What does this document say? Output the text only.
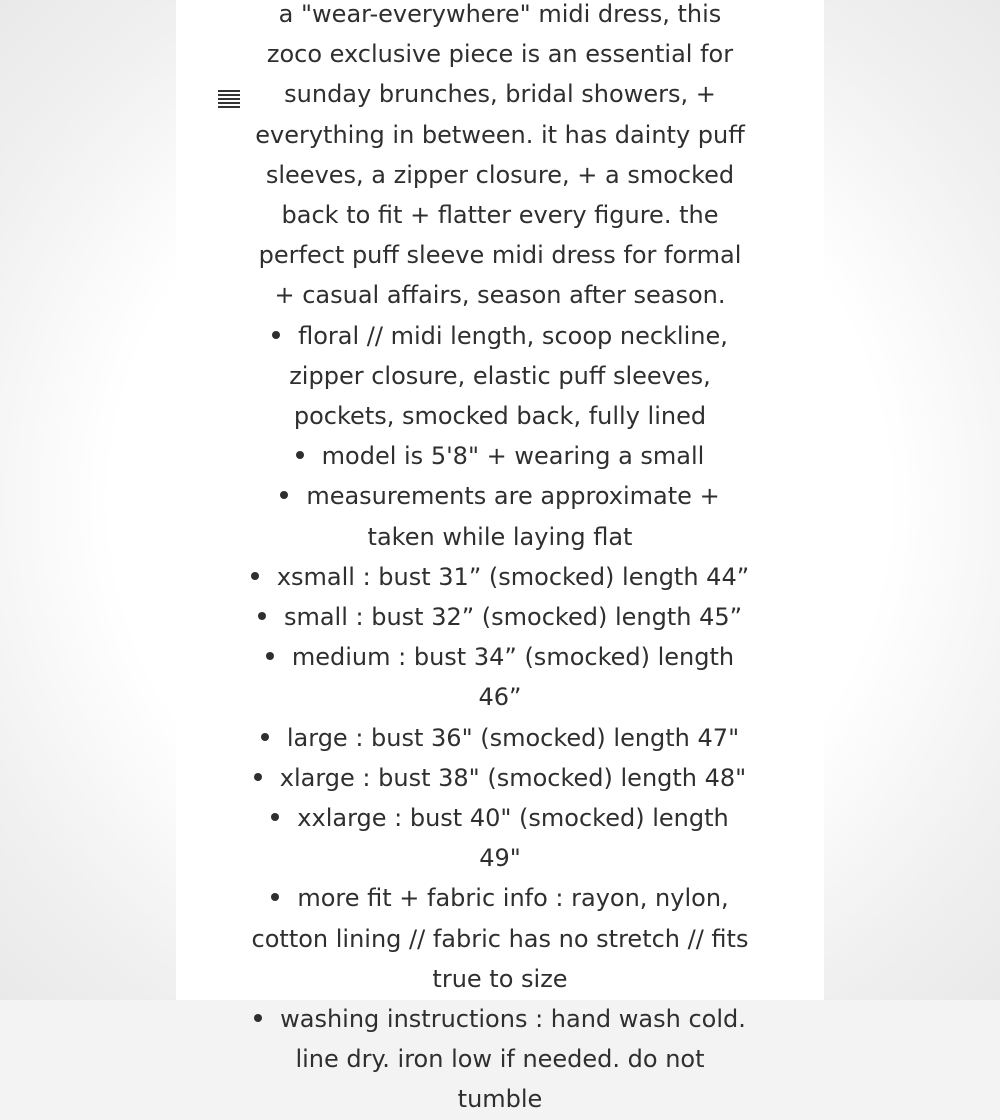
a "wear-everywhere" midi dress, this zoco exclusive piece is an essential for sunday brunches, bridal showers, + everything in between. it has dainty puff sleeves, a zipper closure, + a smocked back to fit + flatter every figure. the perfect puff sleeve midi dress for formal + casual affairs, season after season.

floral // midi length, scoop neckline, zipper closure, elastic puff sleeves, pockets, smocked back, fully lined
model is 5'8" + wearing a small
measurements are approximate + taken while laying flat
xsmall : bust 31” (smocked) length 44”
small : bust 32” (smocked) length 45”
medium : bust 34” (smocked) length 46”
large : bust 36" (smocked) length 47"
xlarge : bust 38" (smocked) length 48"
xxlarge : bust 40" (smocked) length 49"
more fit + fabric info : rayon, nylon, cotton lining // fabric has no stretch // fits true to size
washing instructions : hand wash cold. line dry. iron low if needed. do not tumble
